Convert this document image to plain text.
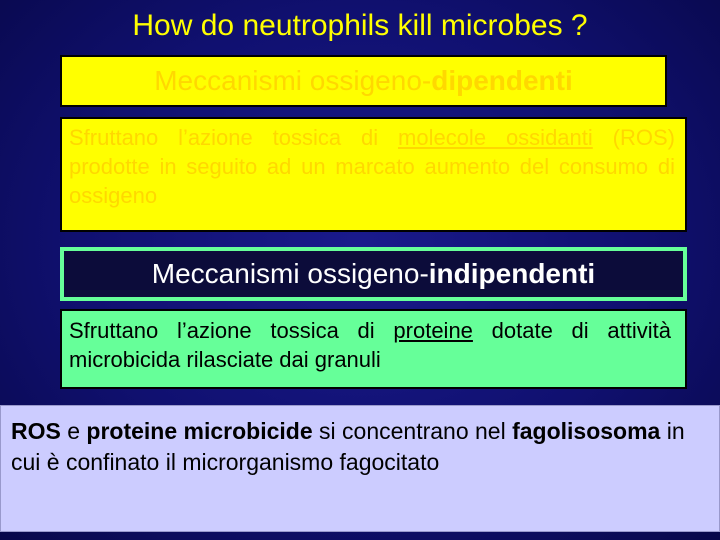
How do neutrophils kill microbes ?
Meccanismi ossigeno-dipendenti
Sfruttano l’azione tossica di molecole ossidanti (ROS) prodotte in seguito ad un marcato aumento del consumo di ossigeno
Meccanismi ossigeno-indipendenti
Sfruttano l’azione tossica di proteine dotate di attività microbicida rilasciate dai granuli
ROS e proteine microbicide si concentrano nel fagolisosoma in cui è confinato il microrganismo fagocitato
